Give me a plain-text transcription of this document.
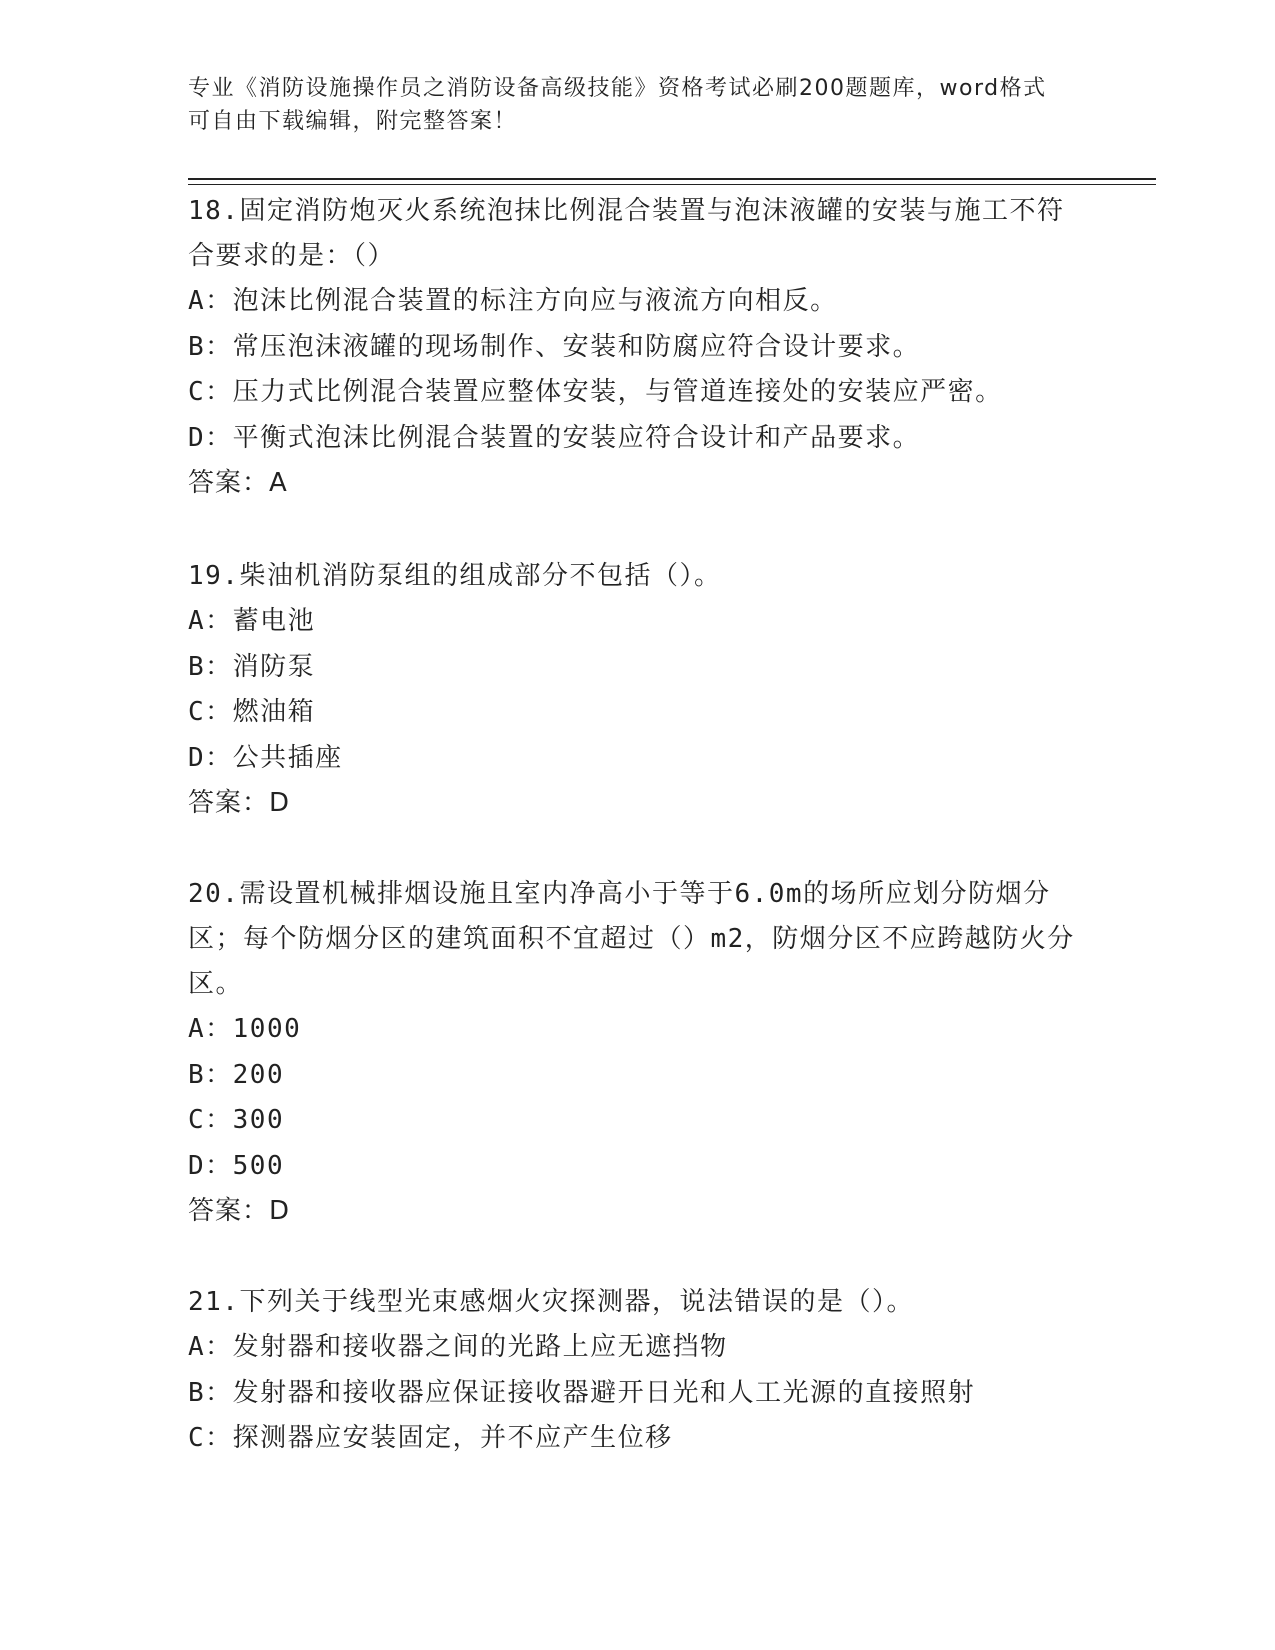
专业《消防设施操作员之消防设备高级技能》资格考试必刷200题题库，word格式可自由下载编辑，附完整答案！

18.固定消防炮灭火系统泡抹比例混合装置与泡沫液罐的安装与施工不符合要求的是：（）

A：泡沫比例混合装置的标注方向应与液流方向相反。

B：常压泡沫液罐的现场制作、安装和防腐应符合设计要求。

C：压力式比例混合装置应整体安装，与管道连接处的安装应严密。

D：平衡式泡沫比例混合装置的安装应符合设计和产品要求。

答案：A

19.柴油机消防泵组的组成部分不包括（）。

A：蓄电池

B：消防泵

C：燃油箱

D：公共插座

答案：D

20.需设置机械排烟设施且室内净高小于等于6.0m的场所应划分防烟分区；每个防烟分区的建筑面积不宜超过（）m2，防烟分区不应跨越防火分区。

A：1000

B：200

C：300

D：500

答案：D

21.下列关于线型光束感烟火灾探测器，说法错误的是（）。

A：发射器和接收器之间的光路上应无遮挡物

B：发射器和接收器应保证接收器避开日光和人工光源的直接照射

C：探测器应安装固定，并不应产生位移
